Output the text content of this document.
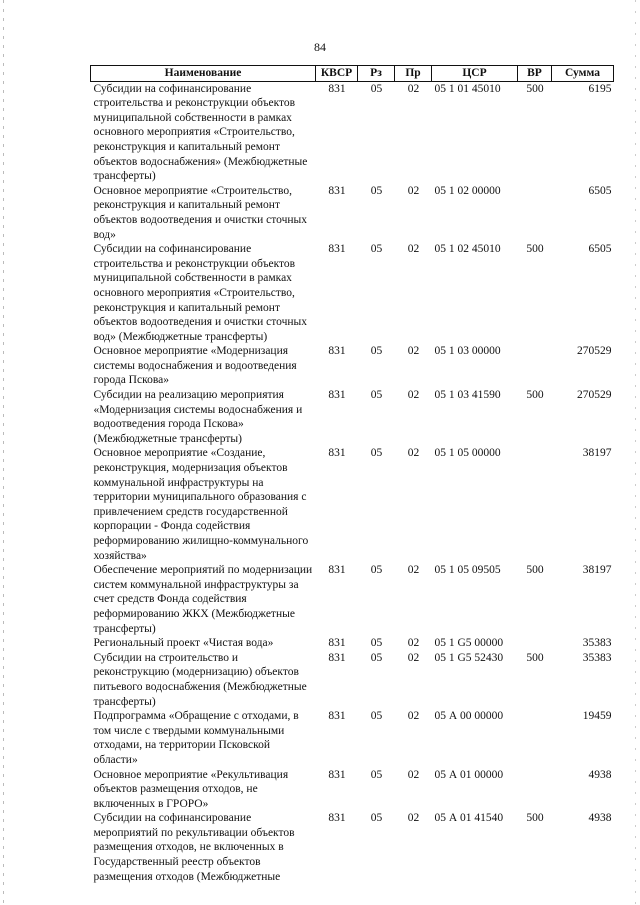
84
Наименование	КВСР	Рз	Пр	ЦСР	ВР	Сумма
Субсидии на софинансирование строительства и реконструкции объектов муниципальной собственности в рамках основного мероприятия «Строительство, реконструкция и капитальный ремонт объектов водоснабжения» (Межбюджетные трансферты)	831	05	02	05 1 01 45010	500	6195
Основное мероприятие «Строительство, реконструкция и капитальный ремонт объектов водоотведения и очистки сточных вод»	831	05	02	05 1 02 00000		6505
Субсидии на софинансирование строительства и реконструкции объектов муниципальной собственности в рамках основного мероприятия «Строительство, реконструкция и капитальный ремонт объектов водоотведения и очистки сточных вод» (Межбюджетные трансферты)	831	05	02	05 1 02 45010	500	6505
Основное мероприятие «Модернизация системы водоснабжения и водоотведения города Пскова»	831	05	02	05 1 03 00000		270529
Субсидии на реализацию мероприятия «Модернизация системы водоснабжения и водоотведения города Пскова» (Межбюджетные трансферты)	831	05	02	05 1 03 41590	500	270529
Основное мероприятие «Создание, реконструкция, модернизация объектов коммунальной инфраструктуры на территории муниципального образования с привлечением средств государственной корпорации - Фонда содействия реформированию жилищно-коммунального хозяйства»	831	05	02	05 1 05 00000		38197
Обеспечение мероприятий по модернизации систем коммунальной инфраструктуры за счет средств Фонда содействия реформированию ЖКХ (Межбюджетные трансферты)	831	05	02	05 1 05 09505	500	38197
Региональный проект «Чистая вода»	831	05	02	05 1 G5 00000		35383
Субсидии на строительство и реконструкцию (модернизацию) объектов питьевого водоснабжения (Межбюджетные трансферты)	831	05	02	05 1 G5 52430	500	35383
Подпрограмма «Обращение с отходами, в том числе с твердыми коммунальными отходами, на территории Псковской области»	831	05	02	05 А 00 00000		19459
Основное мероприятие «Рекультивация объектов размещения отходов, не включенных в ГРОРО»	831	05	02	05 А 01 00000		4938
Субсидии на софинансирование мероприятий по рекультивации объектов размещения отходов, не включенных в Государственный реестр объектов размещения отходов (Межбюджетные	831	05	02	05 А 01 41540	500	4938
